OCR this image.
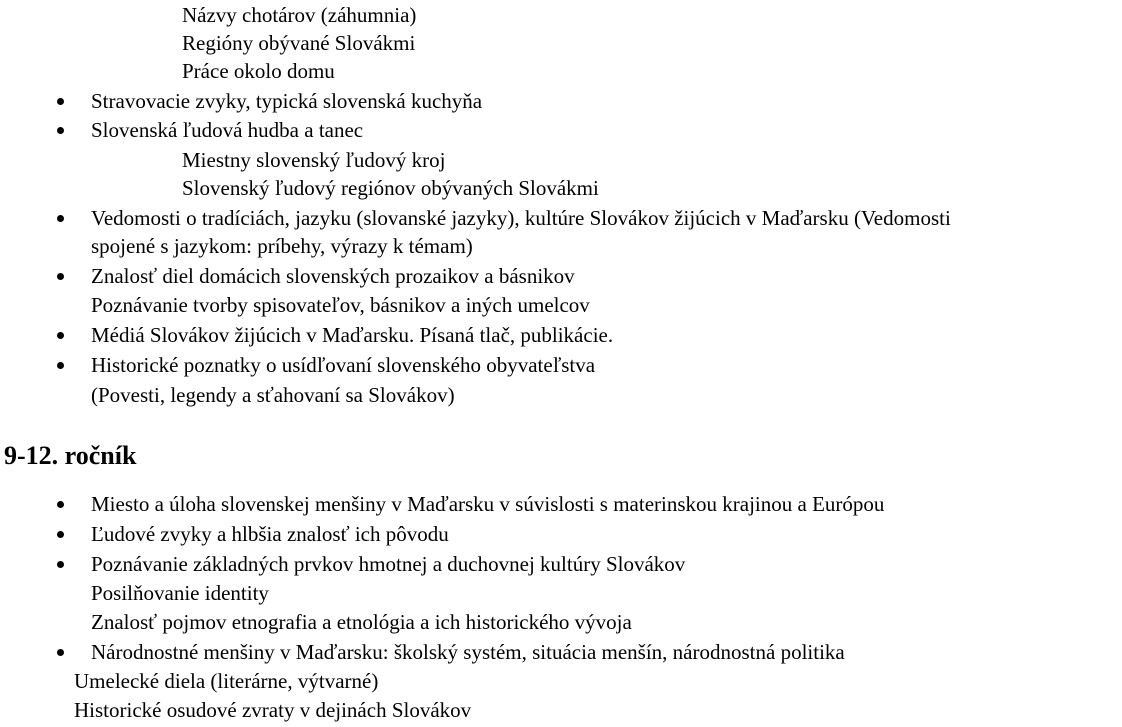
Názvy chotárov (záhumnia)
Regióny obývané Slovákmi
Práce okolo domu
Stravovacie zvyky, typická slovenská kuchyňa
Slovenská ľudová hudba a tanec
Miestny slovenský ľudový kroj
Slovenský ľudový regiónov obývaných Slovákmi
Vedomosti o tradíciách, jazyku (slovanské jazyky), kultúre Slovákov žijúcich v Maďarsku (Vedomosti
spojené s jazykom: príbehy, výrazy k témam)
Znalosť diel domácich slovenských prozaikov a básnikov
Poznávanie tvorby spisovateľov, básnikov a iných umelcov
Médiá Slovákov žijúcich v Maďarsku. Písaná tlač, publikácie.
Historické poznatky o usídľovaní slovenského obyvateľstva
(Povesti, legendy a sťahovaní sa Slovákov)
9-12. ročník
Miesto a úloha slovenskej menšiny v Maďarsku v súvislosti s materinskou krajinou a Európou
Ľudové zvyky a hlbšia znalosť ich pôvodu
Poznávanie základných prvkov hmotnej a duchovnej kultúry Slovákov
Posilňovanie identity
Znalosť pojmov etnografia a etnológia a ich historického vývoja
Národnostné menšiny v Maďarsku: školský systém, situácia menšín, národnostná politika
Umelecké diela (literárne, výtvarné)
Historické osudové zvraty v dejinách Slovákov
